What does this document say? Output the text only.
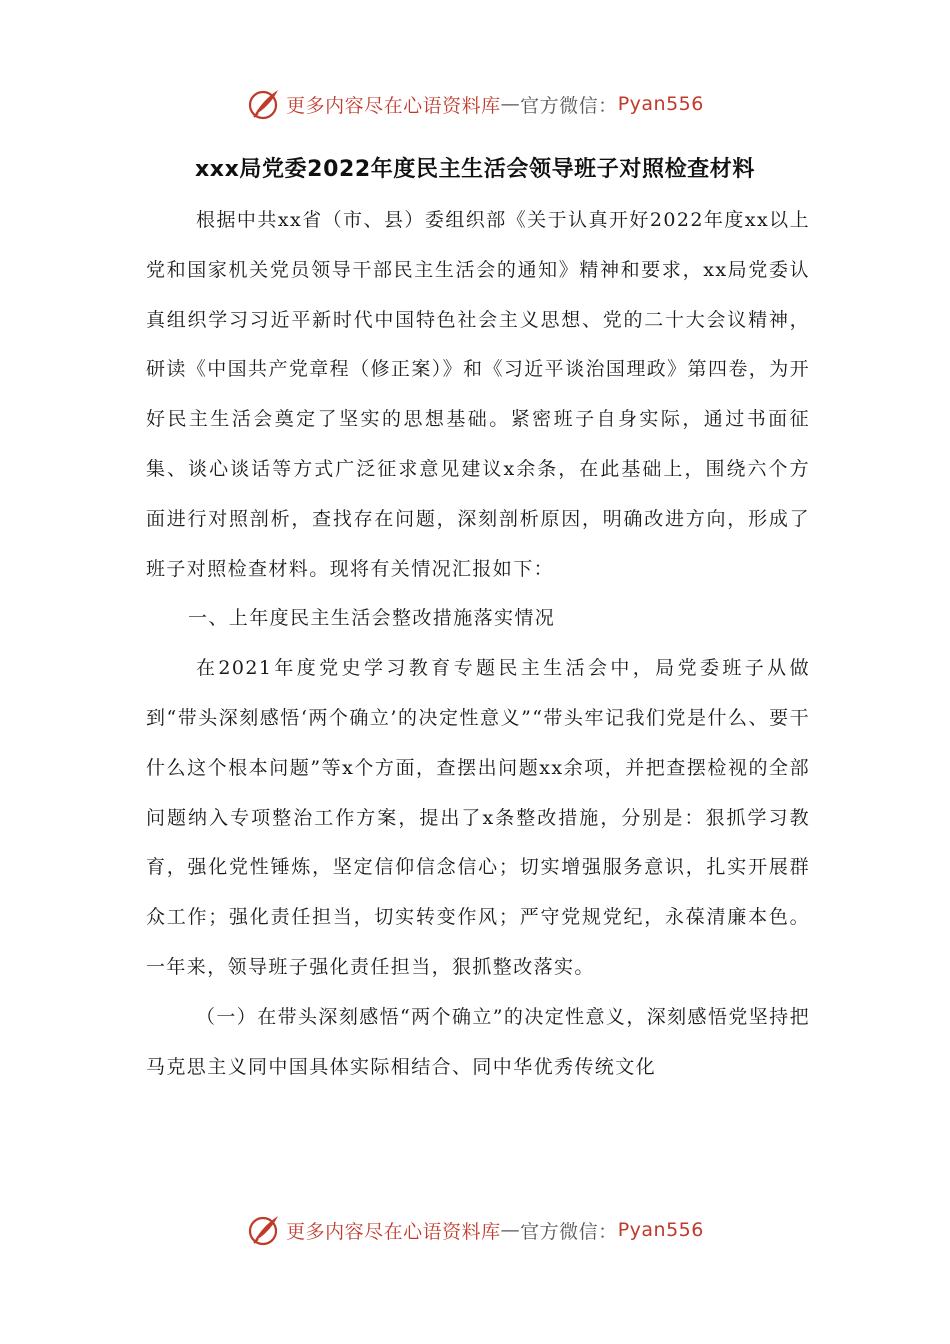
更多内容尽在心语资料库 — 官方微信： Pyan556
xxx局党委2022年度民主生活会领导班子对照检查材料

根据中共xx省（市、县）委组织部《关于认真开好2022年度xx以上党和国家机关党员领导干部民主生活会的通知》精神和要求，xx局党委认真组织学习习近平新时代中国特色社会主义思想、党的二十大会议精神，研读《中国共产党章程（修正案）》和《习近平谈治国理政》第四卷，为开好民主生活会奠定了坚实的思想基础。紧密班子自身实际，通过书面征集、谈心谈话等方式广泛征求意见建议x余条，在此基础上，围绕六个方面进行对照剖析，查找存在问题，深刻剖析原因，明确改进方向，形成了班子对照检查材料。现将有关情况汇报如下：

一、上年度民主生活会整改措施落实情况

在2021年度党史学习教育专题民主生活会中，局党委班子从做到“带头深刻感悟‘两个确立’的决定性意义”“带头牢记我们党是什么、要干什么这个根本问题”等x个方面，查摆出问题xx余项，并把查摆检视的全部问题纳入专项整治工作方案，提出了x条整改措施，分别是：狠抓学习教育，强化党性锤炼，坚定信仰信念信心；切实增强服务意识，扎实开展群众工作；强化责任担当，切实转变作风；严守党规党纪，永葆清廉本色。一年来，领导班子强化责任担当，狠抓整改落实。

（一）在带头深刻感悟“两个确立”的决定性意义，深刻感悟党坚持把马克思主义同中国具体实际相结合、同中华优秀传统文化

更多内容尽在心语资料库 — 官方微信： Pyan556
